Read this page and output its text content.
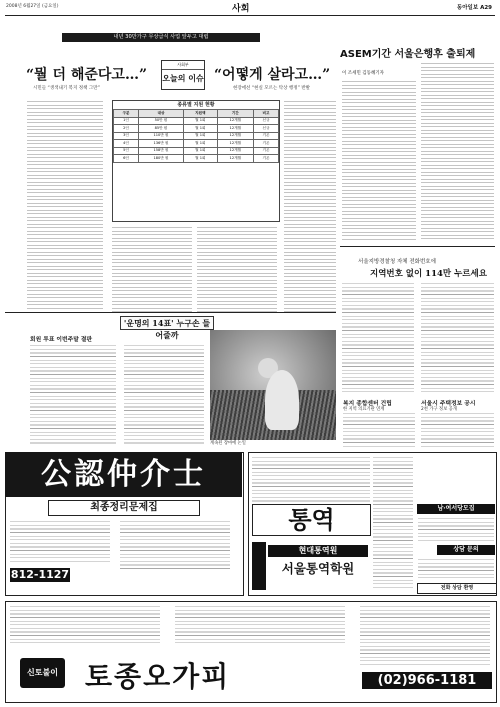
2008년 6월27일 (금요일)	사회	동아일보 A29
내년 30만가구 무상급식 사업 앞두고 대립
“뭘 더 해준다고…”	“어떻게 살라고…”
사회부
오늘의 이슈
시민들 “생색내기 복지 정책 그만”	현장에선 “현실 모르는 탁상 행정” 반발
종류별 지원 현황
구분	대상	지원액	기간	비고
1인	50만 원	월 1회	12개월	신규
2인	85만 원	월 1회	12개월	신규
3인	110만 원	월 1회	12개월	기존
4인	136만 원	월 1회	12개월	기존
5인	158만 원	월 1회	12개월	기존
6인	180만 원	월 1회	12개월	기존
ASEM기간 서울은행후 출퇴제
이 조세민 김동혜기자
서울지방경찰청 자체 전화번호에
지역번호 없이 114만 누르세요
'운명의 14표' 누구손 들어줄까
회원 투표 이번주말 결판
계속된 장마에 논일
복지 종합센터 건립
한 지역 의료기관 연계
서울시 주택정보 공시
2천 가구 정보 공개
公認仲介士
최종정리문제집
812-1127
통역
현대통역원
서울통역학원
남·여서당모집
상담 문의
전화 상담 환영
신토불이 토종오가피	(02)966-1181
